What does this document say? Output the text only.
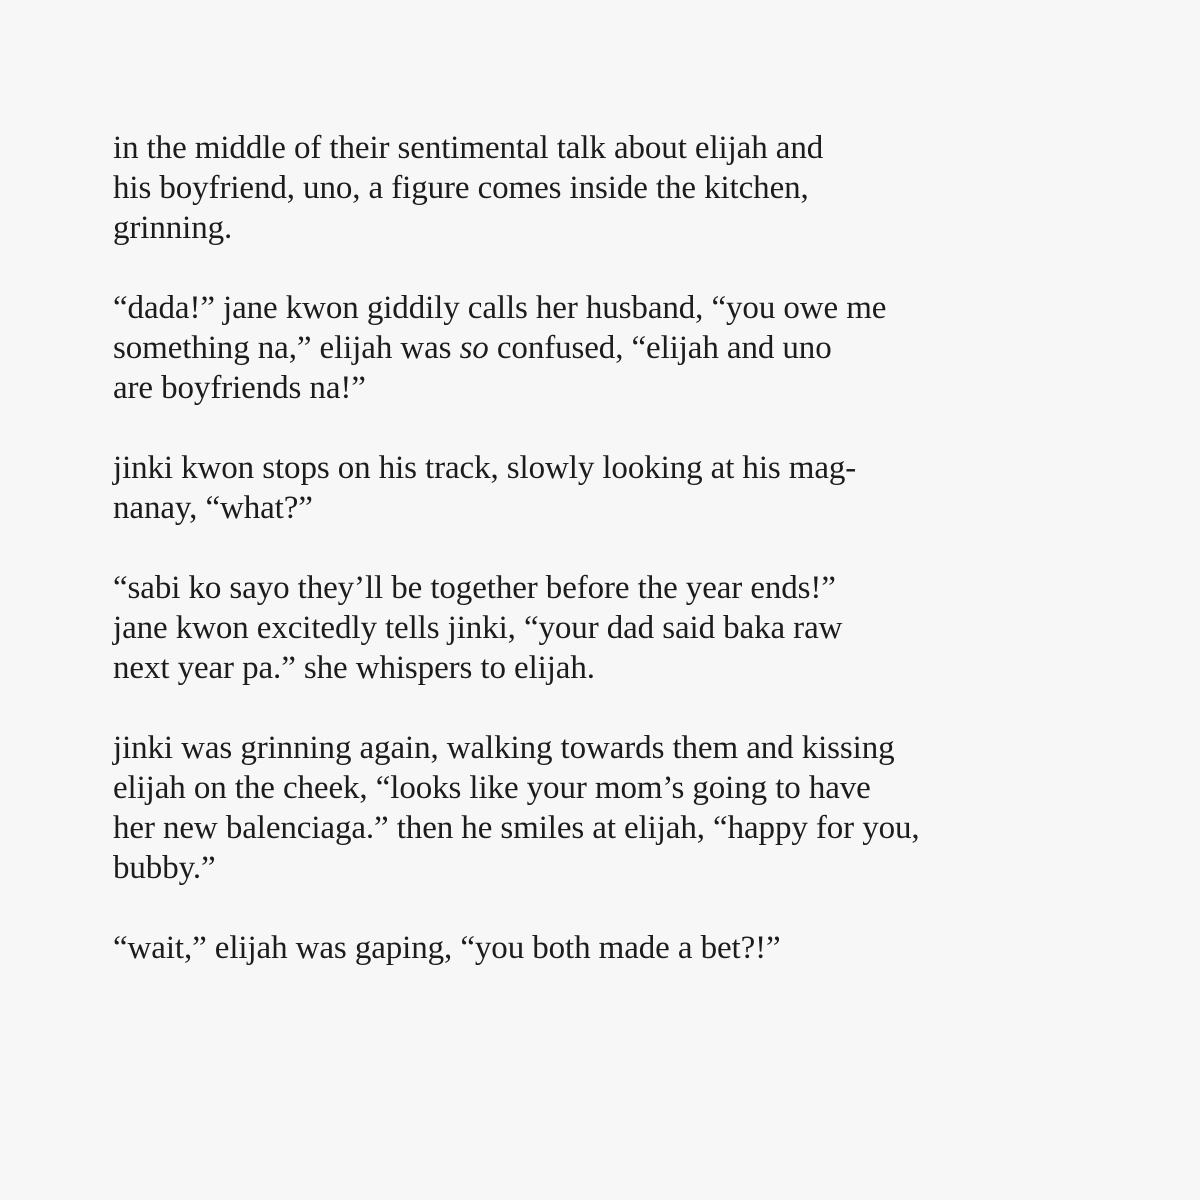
in the middle of their sentimental talk about elijah and
his boyfriend, uno, a figure comes inside the kitchen,
grinning.

“dada!” jane kwon giddily calls her husband, “you owe me
something na,” elijah was so confused, “elijah and uno
are boyfriends na!”

jinki kwon stops on his track, slowly looking at his mag-
nanay, “what?”

“sabi ko sayo they’ll be together before the year ends!”
jane kwon excitedly tells jinki, “your dad said baka raw
next year pa.” she whispers to elijah.

jinki was grinning again, walking towards them and kissing
elijah on the cheek, “looks like your mom’s going to have
her new balenciaga.” then he smiles at elijah, “happy for you,
bubby.”

“wait,” elijah was gaping, “you both made a bet?!”
